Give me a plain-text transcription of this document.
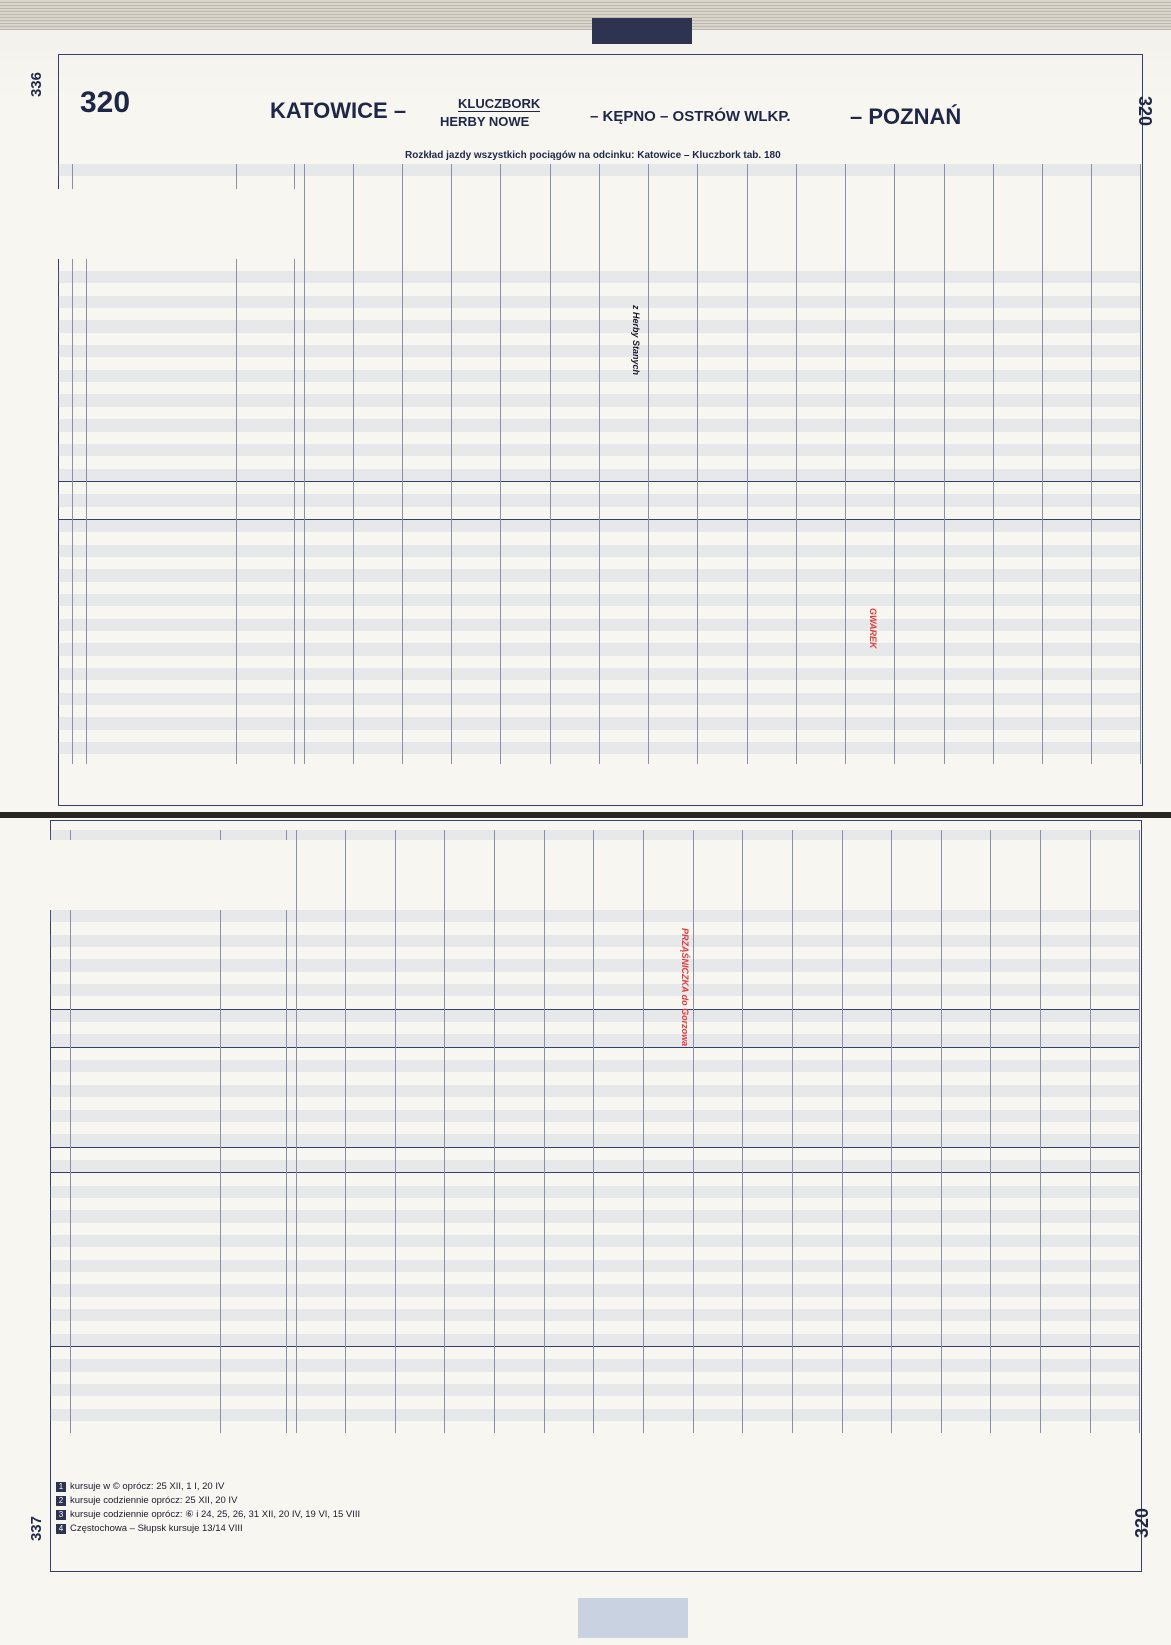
336
320
320	KATOWICE –	KLUCZBORK
HERBY NOWE	– KĘPNO – OSTRÓW WLKP.	– POZNAŃ
Rozkład jazdy wszystkich pociągów na odcinku: Katowice – Kluczbork tab. 180

z Herby Stanych
GWAREK
337	320

PRZĄŚNICZKA do Gorzowa
1 kursuje w © oprócz: 25 XII, 1 I, 20 IV
2 kursuje codziennie oprócz: 25 XII, 20 IV
3 kursuje codziennie oprócz: ⑥ i 24, 25, 26, 31 XII, 20 IV, 19 VI, 15 VIII
4 Częstochowa – Słupsk kursuje 13/14 VIII
